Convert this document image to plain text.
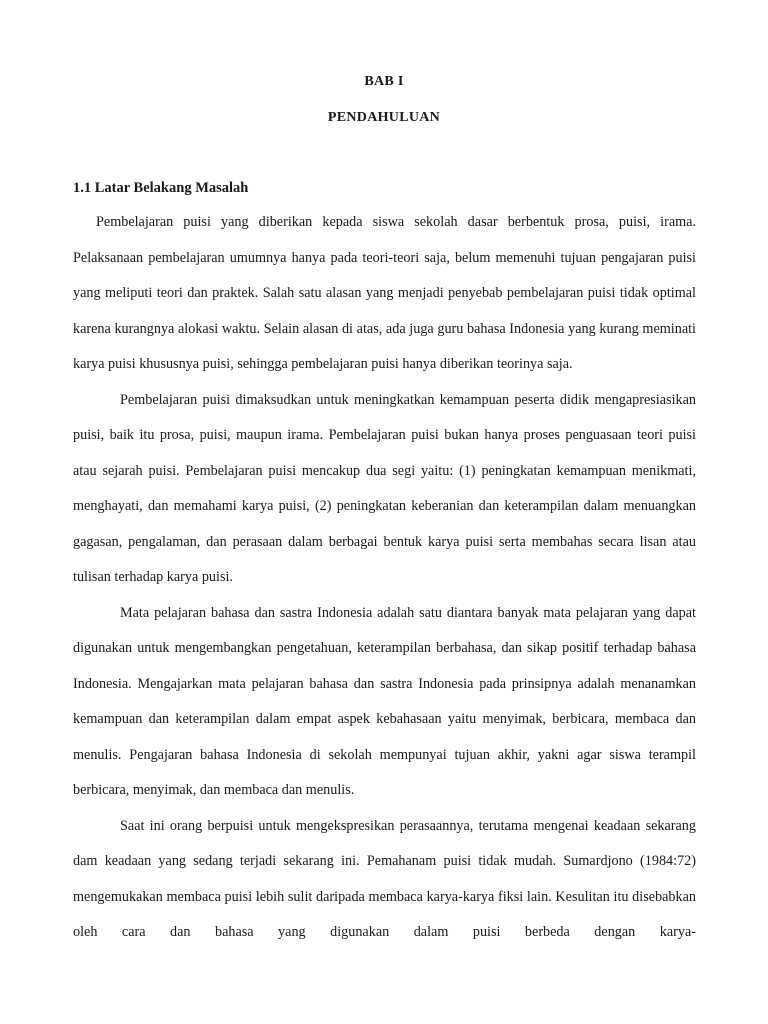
BAB I
PENDAHULUAN
1.1 Latar Belakang Masalah

Pembelajaran puisi yang diberikan kepada siswa sekolah dasar berbentuk prosa, puisi, irama. Pelaksanaan pembelajaran umumnya hanya pada teori-teori saja, belum memenuhi tujuan pengajaran puisi yang meliputi teori dan praktek. Salah satu alasan yang menjadi penyebab pembelajaran puisi tidak optimal karena kurangnya alokasi waktu. Selain alasan di atas, ada juga guru bahasa Indonesia yang kurang meminati karya puisi khususnya puisi, sehingga pembelajaran puisi hanya diberikan teorinya saja.

Pembelajaran puisi dimaksudkan untuk meningkatkan kemampuan peserta didik mengapresiasikan puisi, baik itu prosa, puisi, maupun irama. Pembelajaran puisi bukan hanya proses penguasaan teori puisi atau sejarah puisi. Pembelajaran puisi mencakup dua segi yaitu: (1) peningkatan kemampuan menikmati, menghayati, dan memahami karya puisi, (2) peningkatan keberanian dan keterampilan dalam menuangkan gagasan, pengalaman, dan perasaan dalam berbagai bentuk karya puisi serta membahas secara lisan atau tulisan terhadap karya puisi.

Mata pelajaran bahasa dan sastra Indonesia adalah satu diantara banyak mata pelajaran yang dapat digunakan untuk mengembangkan pengetahuan, keterampilan berbahasa, dan sikap positif terhadap bahasa Indonesia. Mengajarkan mata pelajaran bahasa dan sastra Indonesia pada prinsipnya adalah menanamkan kemampuan dan keterampilan dalam empat aspek kebahasaan yaitu menyimak, berbicara, membaca dan menulis. Pengajaran bahasa Indonesia di sekolah mempunyai tujuan akhir, yakni agar siswa terampil berbicara, menyimak, dan membaca dan menulis.

Saat ini orang berpuisi untuk mengekspresikan perasaannya, terutama mengenai keadaan sekarang dam keadaan yang sedang terjadi sekarang ini. Pemahanam puisi tidak mudah. Sumardjono (1984:72) mengemukakan membaca puisi lebih sulit daripada membaca karya-karya fiksi lain. Kesulitan itu disebabkan oleh cara dan bahasa yang digunakan dalam puisi berbeda dengan karya-
